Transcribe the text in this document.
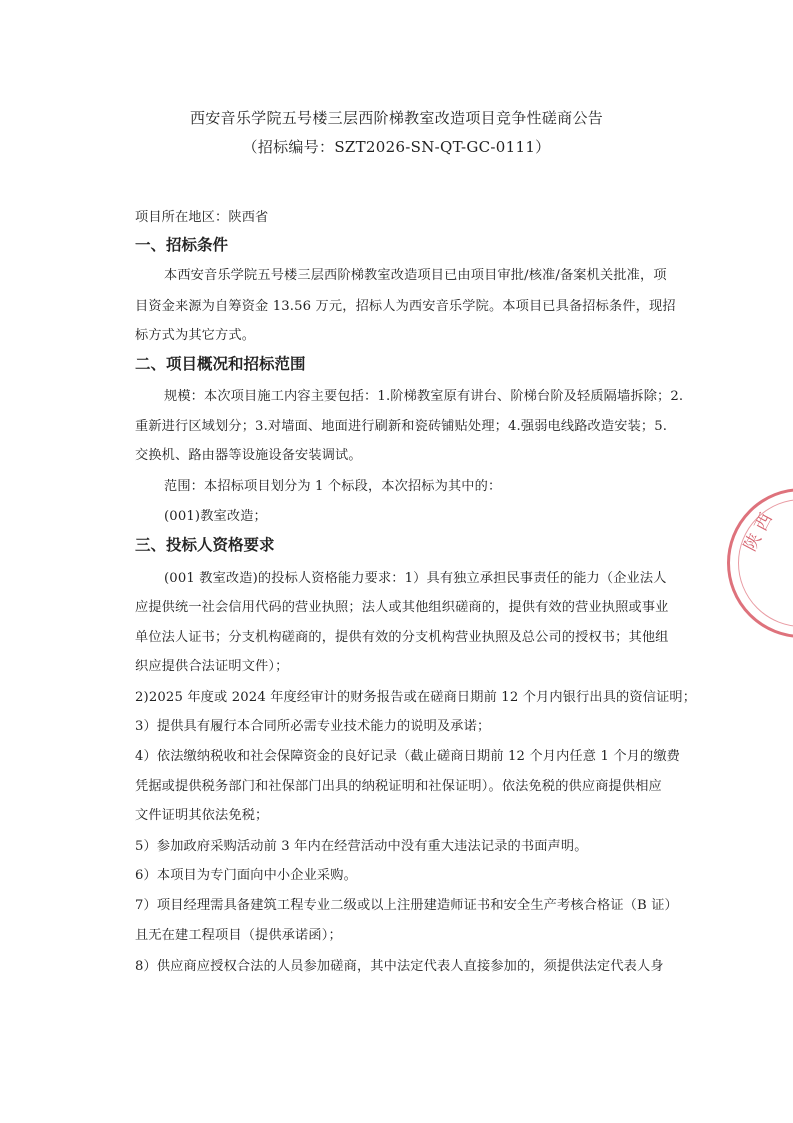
西安音乐学院五号楼三层西阶梯教室改造项目竞争性磋商公告
（招标编号：SZT2026-SN-QT-GC-0111）
项目所在地区：陕西省
一、招标条件
本西安音乐学院五号楼三层西阶梯教室改造项目已由项目审批/核准/备案机关批准，项
目资金来源为自筹资金 13.56 万元，招标人为西安音乐学院。本项目已具备招标条件，现招
标方式为其它方式。
二、项目概况和招标范围
规模：本次项目施工内容主要包括：1.阶梯教室原有讲台、阶梯台阶及轻质隔墙拆除；2.
重新进行区域划分；3.对墙面、地面进行刷新和瓷砖铺贴处理；4.强弱电线路改造安装；5.
交换机、路由器等设施设备安装调试。
范围：本招标项目划分为 1 个标段，本次招标为其中的：
(001)教室改造；
三、投标人资格要求
(001 教室改造)的投标人资格能力要求：1）具有独立承担民事责任的能力（企业法人
应提供统一社会信用代码的营业执照；法人或其他组织磋商的，提供有效的营业执照或事业
单位法人证书；分支机构磋商的，提供有效的分支机构营业执照及总公司的授权书；其他组
织应提供合法证明文件）；
2)2025 年度或 2024 年度经审计的财务报告或在磋商日期前 12 个月内银行出具的资信证明；
3）提供具有履行本合同所必需专业技术能力的说明及承诺；
4）依法缴纳税收和社会保障资金的良好记录（截止磋商日期前 12 个月内任意 1 个月的缴费
凭据或提供税务部门和社保部门出具的纳税证明和社保证明）。依法免税的供应商提供相应
文件证明其依法免税；
5）参加政府采购活动前 3 年内在经营活动中没有重大违法记录的书面声明。
6）本项目为专门面向中小企业采购。
7）项目经理需具备建筑工程专业二级或以上注册建造师证书和安全生产考核合格证（B 证）
且无在建工程项目（提供承诺函）；
8）供应商应授权合法的人员参加磋商，其中法定代表人直接参加的，须提供法定代表人身
陕西
